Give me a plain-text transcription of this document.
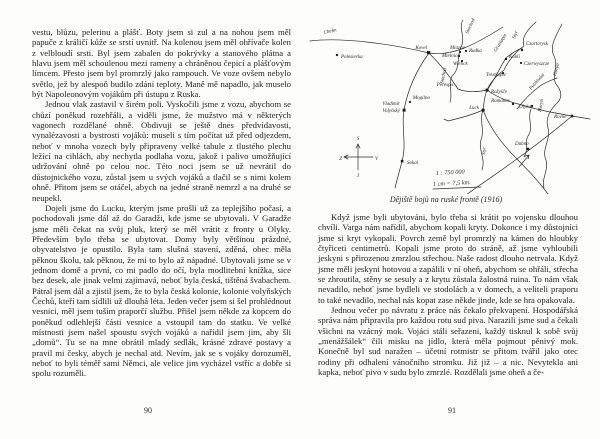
vestu, blůzu, pelerinu a plášť. Boty jsem si zul a na nohou jsem měl papuče z králičí kůže se srstí uvnitř. Na kolenou jsem měl ohřívače kolen z velbloudí srsti. Byl jsem zabalen do pokrývky a stanového plátna a hlavu jsem měl schoulenou mezi rameny a chráněnou čepicí a plášťovým límcem. Přesto jsem byl promrzlý jako rampouch. Ve voze ovšem nebylo světlo, jež by alespoň budilo zdání teploty. Maně mě napadlo, jak muselo být Napoleonovým vojákům při ústupu z Ruska.

Jednou vlak zastavil v širém poli. Vyskočili jsme z vozu, abychom se chůzí poněkud rozehřáli, a viděli jsme, že mužstvo má v některých vagonech rozdělané ohně. Obdivuji se ještě dnes předvídavosti, vynalézavosti a bystrosti vojáků: museli s tím počítat už před odjezdem, neboť v mnoha vozech byly připraveny velké tabule z tlustého plechu ležící na cihlách, aby nechytla podlaha vozu, jakož i palivo umožňující udržování ohně po celou noc. Této noci jsem se už nevrátil do důstojnického vozu, zůstal jsem u svých vojáků a tlačil se s nimi kolem ohně. Přitom jsem se otáčel, abych na jedné straně nemrzl a na druhé se neupekl.

Dojeli jsme do Lucku, kterým jsme prošli už za teplejšího počasí, a pochodovali jsme dál až do Garadži, kde jsme se ubytovali. V Garadže jsme měli čekat na svůj pluk, který se měl vrátit z fronty u Olyky. Především bylo třeba se ubytovat. Domy byly většinou prázdné, obyvatelstvo je opustilo. Byla tam slušná stavení, zděná, obec měla pěknou školu, tak pěknou, že mi to bylo až nápadné. Ubytovali jsme se v jednom domě a první, co mi padlo do očí, byla modlitební knížka, sice bez desek, ale jinak velmi zajímavá, neboť byla česká, tištěná švabachem. Pátral jsem dál a zjistil jsem, že to byla česká kolonie, kolonie volyňských Čechů, kteří tam sídlili už dlouhá léta. Jeden večer jsem si šel prohlédnout vesnici, měl jsem tuším praporčí službu. Přišel jsem někde za kopcem do poněkud odlehlejší části vesnice a vstoupil tam do statku. Ve velké místnosti jsem našel spoustu svých vojáků a nařídil jsem jim, aby šli „domů“. Tu se na mne obrátil mladý sedlák, krásné zdravé postavy a pravil mi česky, abych je nechal atd. Nevím, jak se s vojáky dorozuměl, neboť to byli téměř sami Němci, ale velice jim vycházel vstříc a dobře si spolu rozuměli.

90
Chełm
Polesiecka
Kovel	Miazov
Rudka
Mielnica
Wielick
Stochod
Stochod
Gruziatyn Styr
Czartorysk
Kolki
Czerwyszcze
Trestiapec
Perespa
Rožyšče
Vladimír
Volyňský
Mogilno
Sokal
Luck
Romanov
Olyka
Putiłówka
Horyń
Horyń
Rovne
Dubno
Styr
1 : 750 000
1 cm = 7,5 km.
S
J
V
Z
Dějiště bojů na ruské frontě (1916)

Když jsme byli ubytováni, bylo třeba si krátit po vojensku dlouhou chvíli. Varga nám nařídil, abychom kopali kryty. Dokonce i my důstojníci jsme si kryt vykopali. Povrch země byl promrzlý na kámen do hloubky čtyřiceti centimetrů. Kopali jsme proto do stráně, až jsme vyhloubili jeskyni s přirozenou zmrzlou střechou. Naše radost dlouho netrvala. Když jsme měli jeskyni hotovou a zapálili v ní oheň, abychom se ohřáli, střecha se zhroutila, stěny se sesuly a z krytu zůstala žalostná ruina. To nám však nevadilo, neboť jsme bydleli ve stodolách a v domech, a veliteli praporu to také nevadilo, nechal nás kopat zase někde jinde, kde se hra opakovala.

Jednou večer po návratu z práce nás čekalo překvapení. Hospodářská správa nám připravila pro každou rotu sud piva. Narazili jsme sud a čekali všichni na vzácný mok. Vojáci stáli seřazeni, každý tisknul k sobě svůj „menážšálek“ čili misku na jídlo, která měla pojmout pěnivý mok. Konečně byl sud naražen – účetní rotmistr se přitom tvářil jako otec rodiny při odhalení vánočního stromku. Již již – a nic. Nevytekla ani kapka, neboť pivo v sudu bylo zmrzlé. Rozdělali jsme oheň a če-

91
